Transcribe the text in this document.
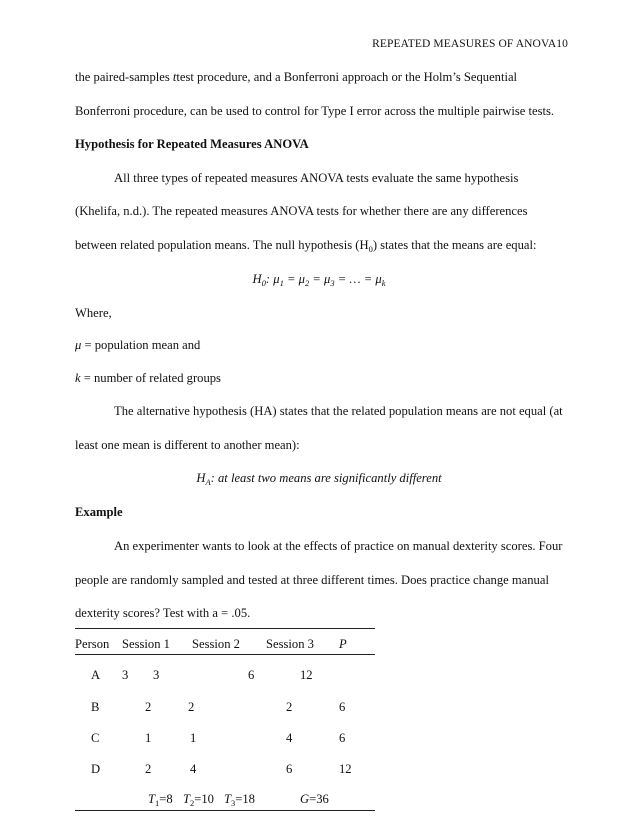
REPEATED MEASURES OF ANOVA10
the paired-samples ttest procedure, and a Bonferroni approach or the Holm’s Sequential
Bonferroni procedure, can be used to control for Type I error across the multiple pairwise tests.
Hypothesis for Repeated Measures ANOVA
All three types of repeated measures ANOVA tests evaluate the same hypothesis
(Khelifa, n.d.). The repeated measures ANOVA tests for whether there are any differences
between related population means. The null hypothesis $(H_0)$ states that the means are equal:
$H_0$: $\mu_1 = \mu_2 = \mu_3$ = … = $\mu_k$
Where,
μ = population mean and
k = number of related groups
The alternative hypothesis (HA) states that the related population means are not equal (at
least one mean is different to another mean):
$H_A$: at least two means are significantly different
Example
An experimenter wants to look at the effects of practice on manual dexterity scores. Four
people are randomly sampled and tested at three different times. Does practice change manual
dexterity scores? Test with a = .05.
Person Session 1 Session 2 Session 3 P
A 3 3	6	12
B	2	2	2	6
C	1	1	4	6
D	2	4	6	12
$T_1=8$ $T_2=10$ $T_3=18$	G=36
